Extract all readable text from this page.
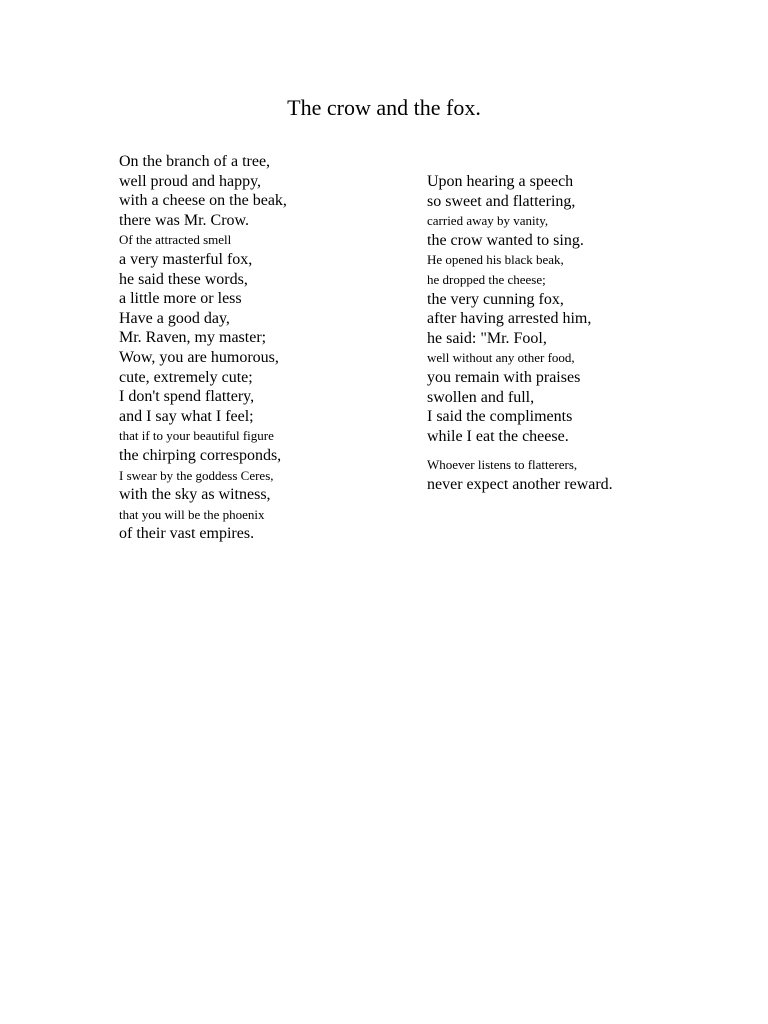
The crow and the fox.
On the branch of a tree,
well proud and happy,
with a cheese on the beak,
there was Mr. Crow.
Of the attracted smell
a very masterful fox,
he said these words,
a little more or less
Have a good day,
Mr. Raven, my master;
Wow, you are humorous,
cute, extremely cute;
I don't spend flattery,
and I say what I feel;
that if to your beautiful figure
the chirping corresponds,
I swear by the goddess Ceres,
with the sky as witness,
that you will be the phoenix
of their vast empires.
Upon hearing a speech
so sweet and flattering,
carried away by vanity,
the crow wanted to sing.
He opened his black beak,
he dropped the cheese;
the very cunning fox,
after having arrested him,
he said: "Mr. Fool,
well without any other food,
you remain with praises
swollen and full,
I said the compliments
while I eat the cheese.
Whoever listens to flatterers,
never expect another reward.
